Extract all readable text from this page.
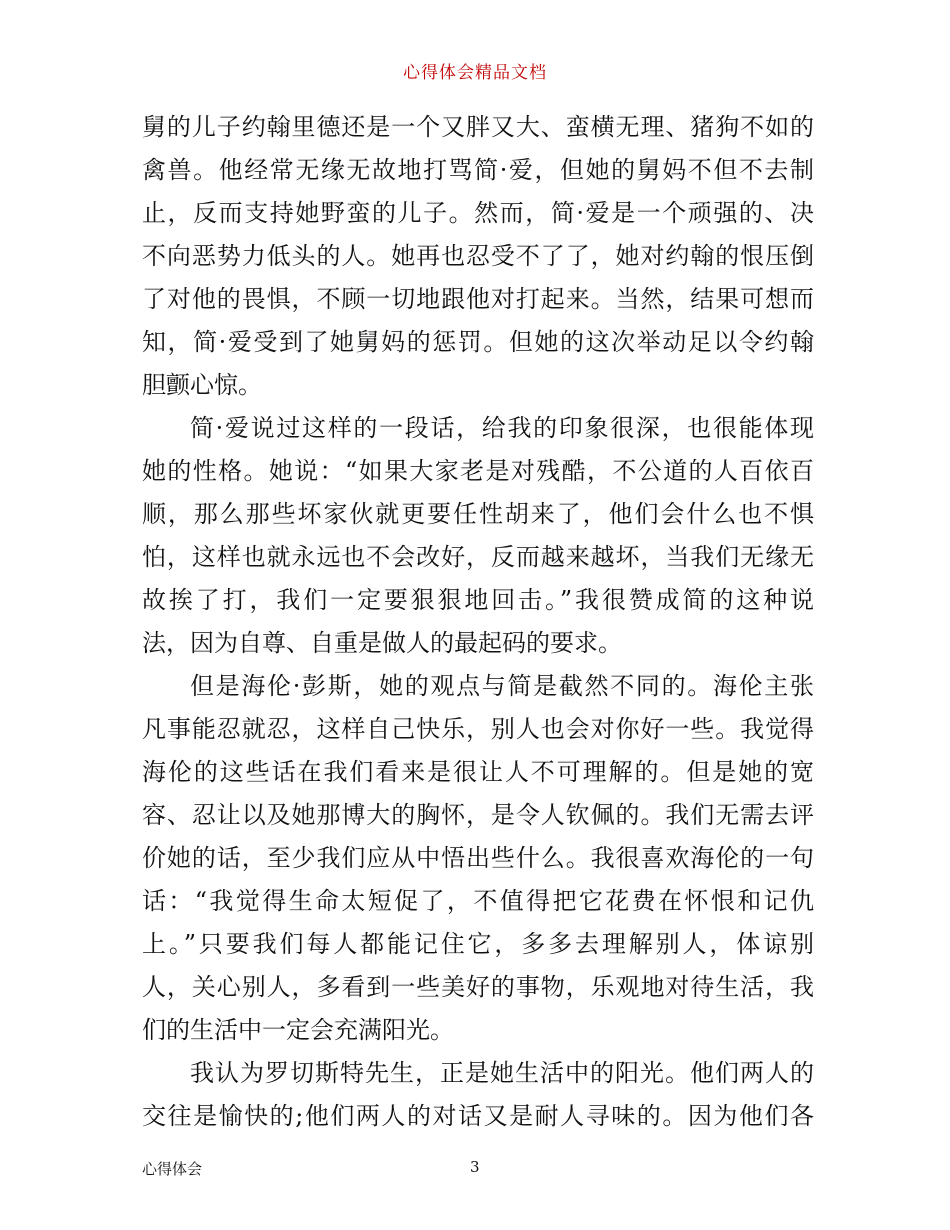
心得体会精品文档
舅的儿子约翰里德还是一个又胖又大、蛮横无理、猪狗不如的
禽兽。他经常无缘无故地打骂简·爱，但她的舅妈不但不去制
止，反而支持她野蛮的儿子。然而，简·爱是一个顽强的、决
不向恶势力低头的人。她再也忍受不了了，她对约翰的恨压倒
了对他的畏惧，不顾一切地跟他对打起来。当然，结果可想而
知，简·爱受到了她舅妈的惩罚。但她的这次举动足以令约翰
胆颤心惊。
简·爱说过这样的一段话，给我的印象很深，也很能体现
她的性格。她说：“如果大家老是对残酷，不公道的人百依百
顺，那么那些坏家伙就更要任性胡来了，他们会什么也不惧
怕，这样也就永远也不会改好，反而越来越坏，当我们无缘无
故挨了打，我们一定要狠狠地回击。”我很赞成简的这种说
法，因为自尊、自重是做人的最起码的要求。
但是海伦·彭斯，她的观点与简是截然不同的。海伦主张
凡事能忍就忍，这样自己快乐，别人也会对你好一些。我觉得
海伦的这些话在我们看来是很让人不可理解的。但是她的宽
容、忍让以及她那博大的胸怀，是令人钦佩的。我们无需去评
价她的话，至少我们应从中悟出些什么。我很喜欢海伦的一句
话：“我觉得生命太短促了，不值得把它花费在怀恨和记仇
上。”只要我们每人都能记住它，多多去理解别人，体谅别
人，关心别人，多看到一些美好的事物，乐观地对待生活，我
们的生活中一定会充满阳光。
我认为罗切斯特先生，正是她生活中的阳光。他们两人的
交往是愉快的;他们两人的对话又是耐人寻味的。因为他们各
心得体会	3
